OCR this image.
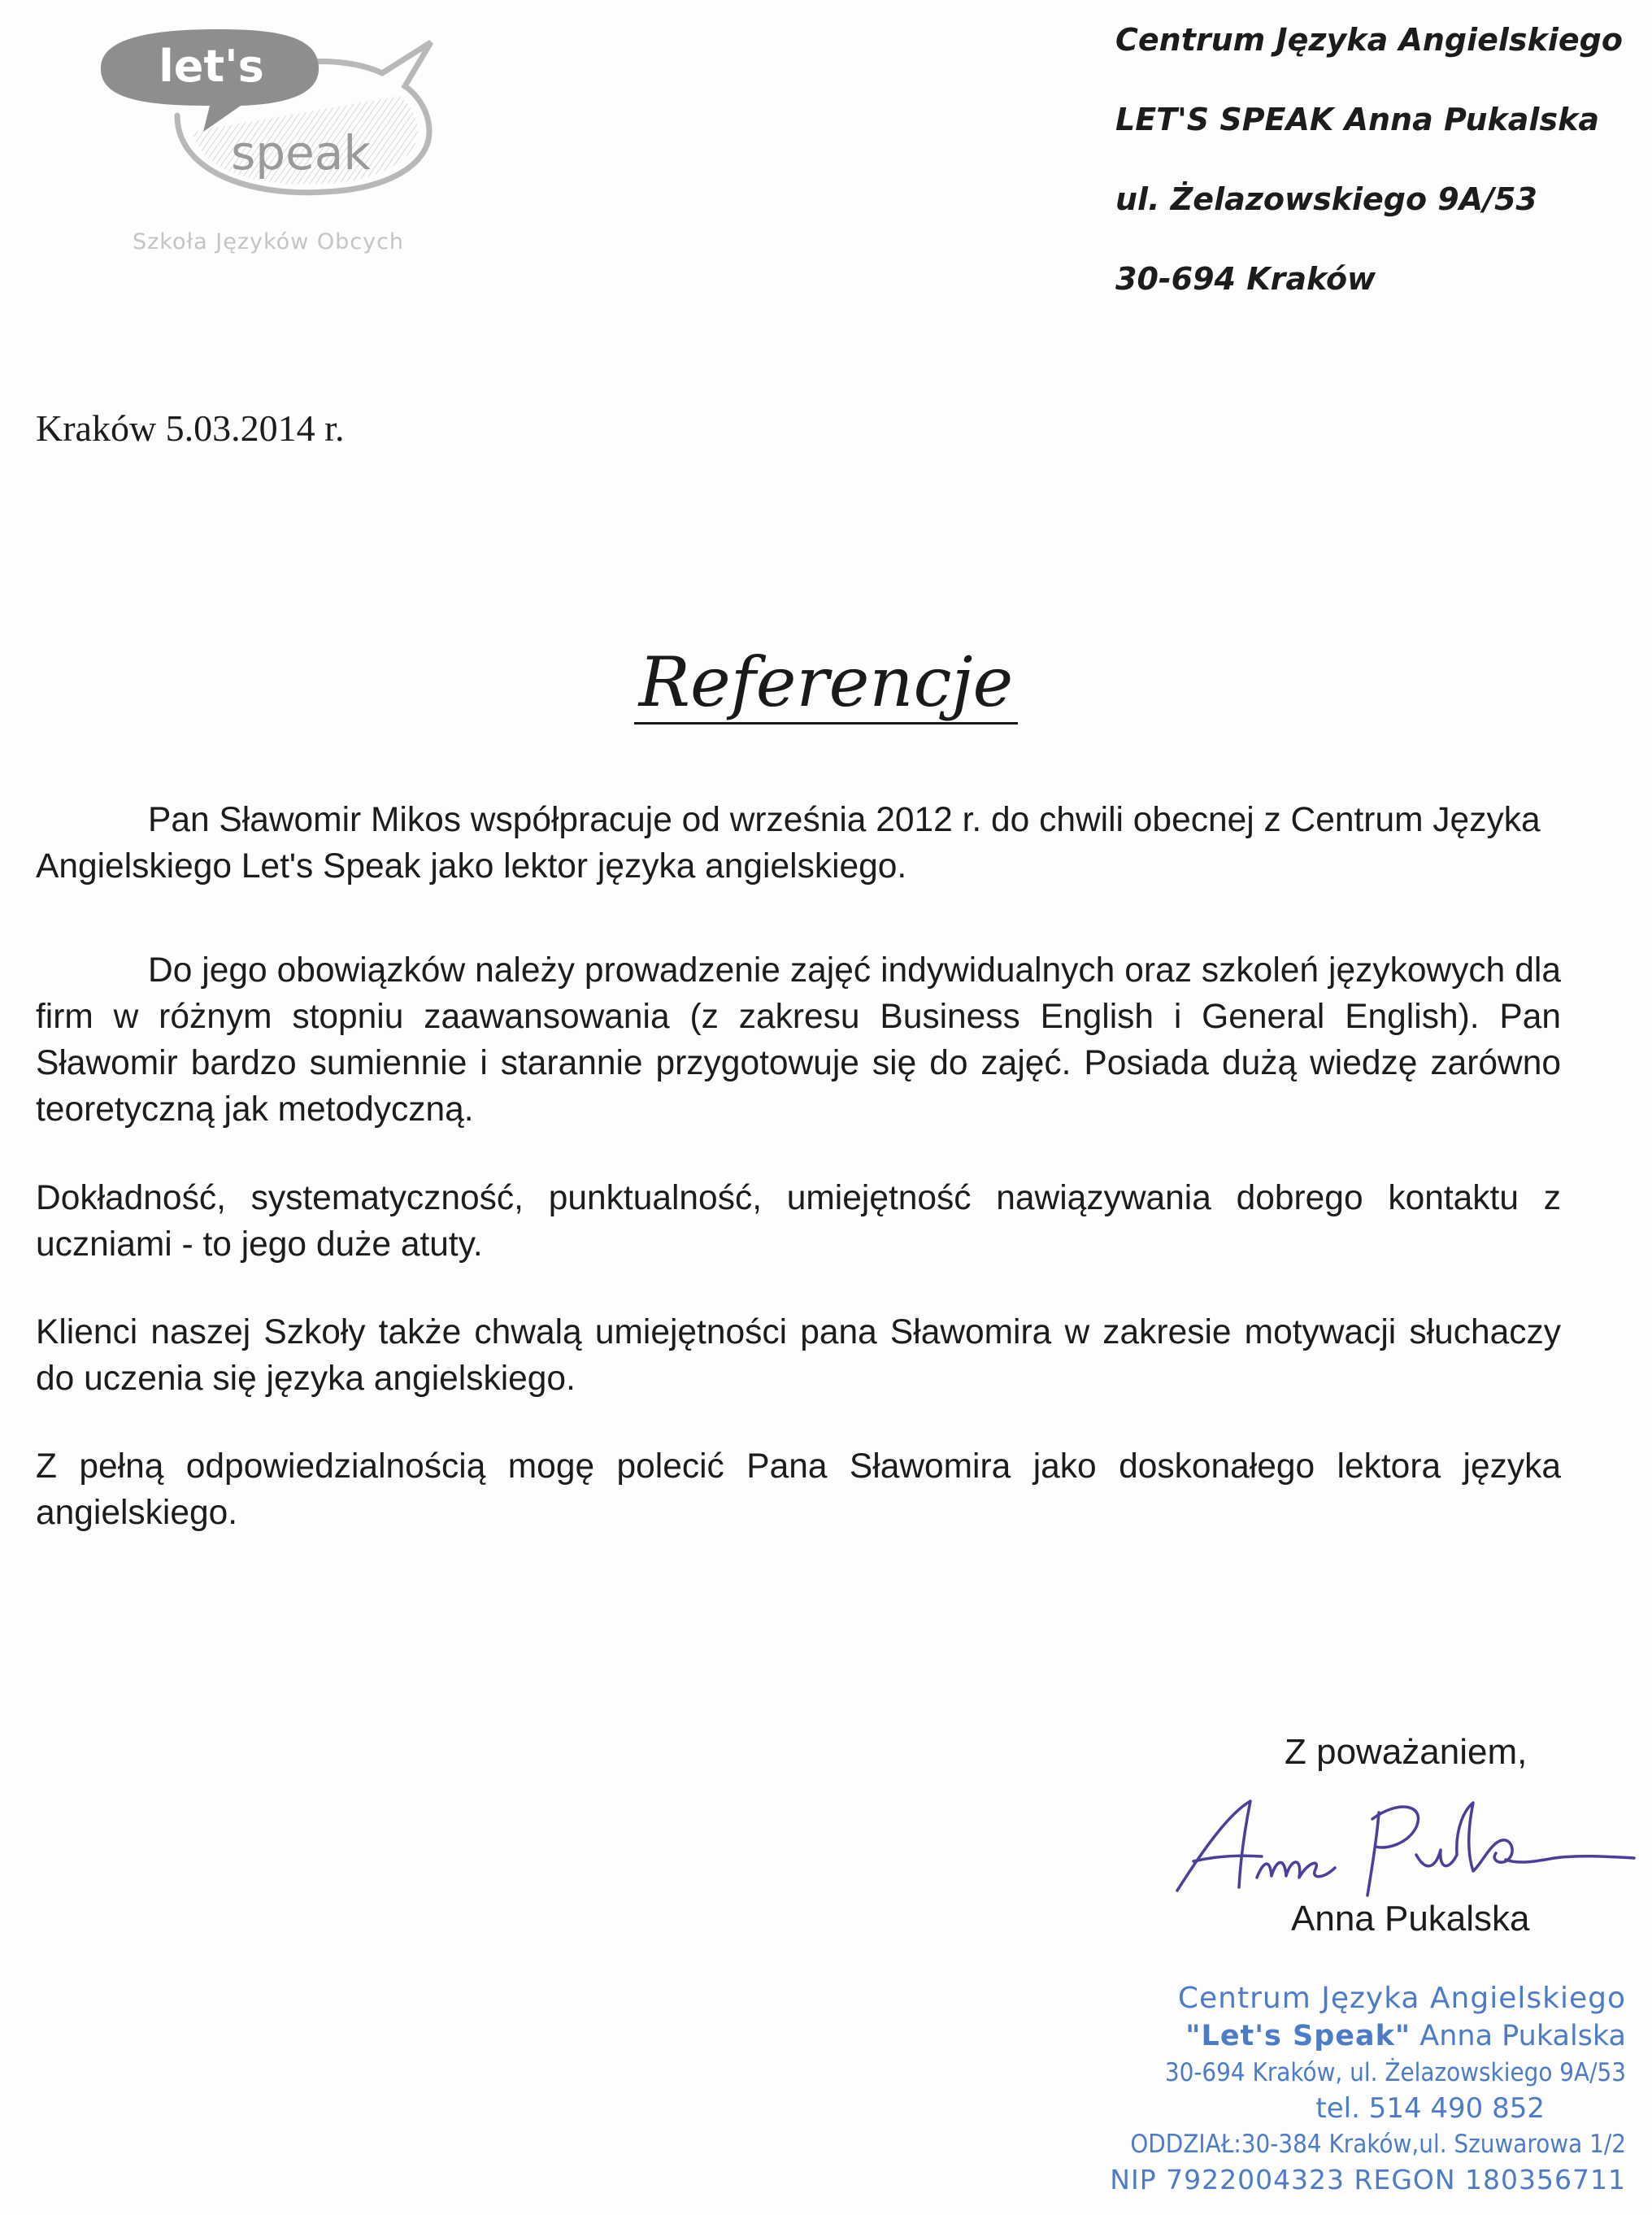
let's
speak
Szkoła Języków Obcych
Centrum Języka Angielskiego
LET'S SPEAK Anna Pukalska
ul. Żelazowskiego 9A/53
30-694 Kraków
Kraków 5.03.2014 r.
Referencje
Pan Sławomir Mikos współpracuje od września 2012 r. do chwili obecnej z Centrum Języka Angielskiego Let's Speak jako lektor języka angielskiego.
Do jego obowiązków należy prowadzenie zajęć indywidualnych oraz szkoleń językowych dla firm w różnym stopniu zaawansowania (z zakresu Business English i General English). Pan Sławomir bardzo sumiennie i starannie przygotowuje się do zajęć. Posiada dużą wiedzę zarówno teoretyczną jak metodyczną.
Dokładność, systematyczność, punktualność, umiejętność nawiązywania dobrego kontaktu z uczniami - to jego duże atuty.
Klienci naszej Szkoły także chwalą umiejętności pana Sławomira w zakresie motywacji słuchaczy do uczenia się języka angielskiego.
Z pełną odpowiedzialnością mogę polecić Pana Sławomira jako doskonałego lektora języka angielskiego.
Z poważaniem,
Anna Pukalska
Centrum Języka Angielskiego
"Let's Speak" Anna Pukalska
30-694 Kraków, ul. Żelazowskiego 9A/53
tel. 514 490 852
ODDZIAŁ:30-384 Kraków,ul. Szuwarowa 1/2
NIP 7922004323 REGON 180356711
